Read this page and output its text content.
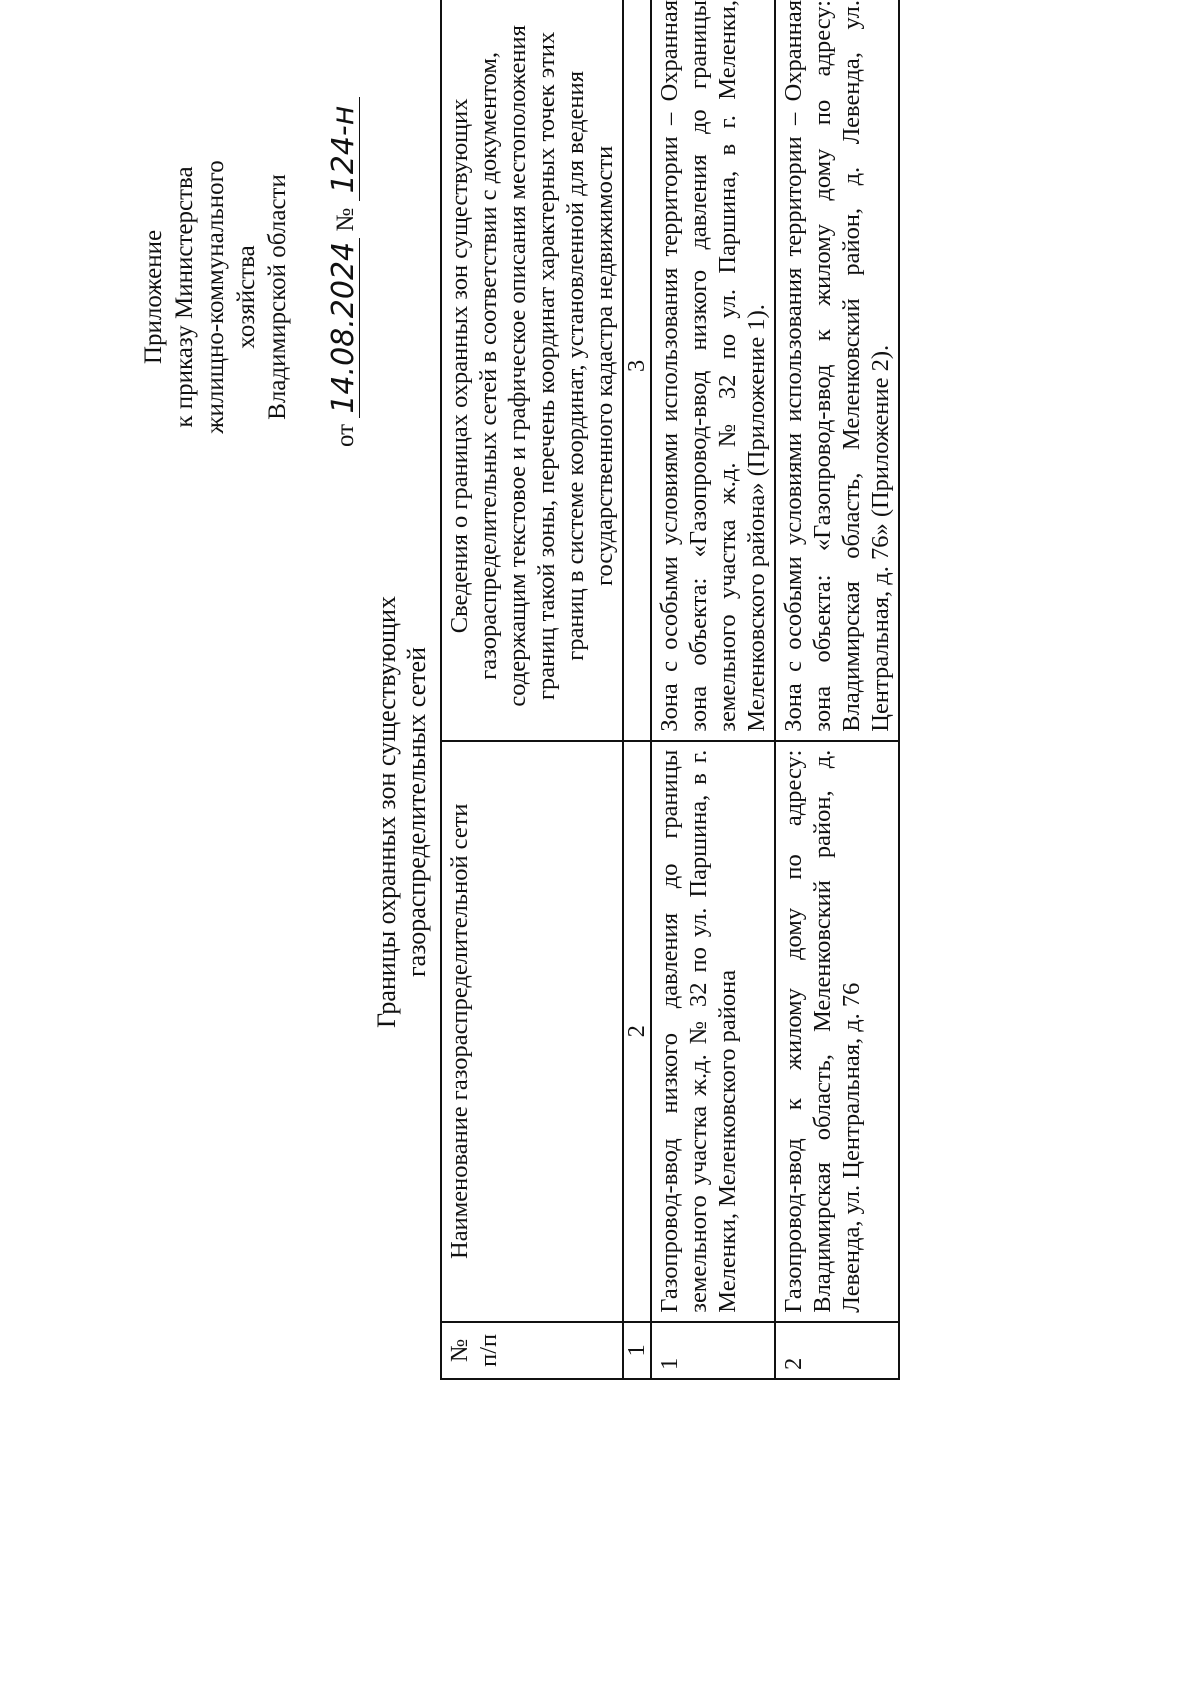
Приложение к приказу Министерства жилищно-коммунального хозяйства Владимирской области
от 14.08.2024 № 124-н
Границы охранных зон существующих газораспределительных сетей
№ п/п	Наименование газораспределительной сети	Сведения о границах охранных зон существующих газораспределительных сетей в соответствии с документом, содержащим текстовое и графическое описания местоположения границ такой зоны, перечень координат характерных точек этих границ в системе координат, установленной для ведения государственного кадастра недвижимости
1	2	3
1	Газопровод-ввод низкого давления до границы земельного участка ж.д. № 32 по ул. Паршина, в г. Меленки, Меленковского района	Зона с особыми условиями использования территории – Охранная зона объекта: «Газопровод-ввод низкого давления до границы земельного участка ж.д. № 32 по ул. Паршина, в г. Меленки, Меленковского района» (Приложение 1).
2	Газопровод-ввод к жилому дому по адресу: Владимирская область, Меленковский район, д. Левенда, ул. Центральная, д. 76	Зона с особыми условиями использования территории – Охранная зона объекта: «Газопровод-ввод к жилому дому по адресу: Владимирская область, Меленковский район, д. Левенда, ул. Центральная, д. 76» (Приложение 2).
